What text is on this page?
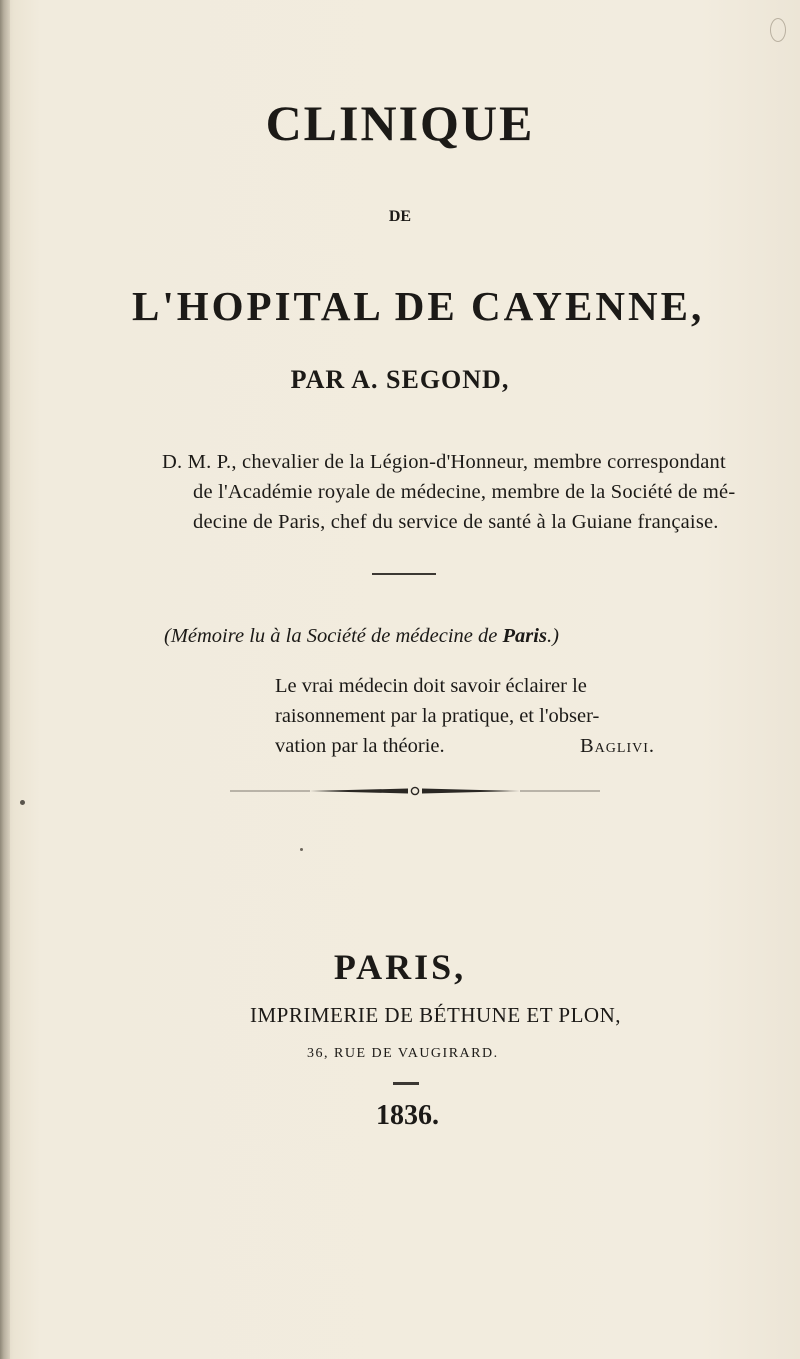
CLINIQUE

DE

L'HOPITAL DE CAYENNE,

PAR A. SEGOND,

D. M. P., chevalier de la Légion-d'Honneur, membre correspondant

de l'Académie royale de médecine, membre de la Société de mé-

decine de Paris, chef du service de santé à la Guiane française.

(Mémoire lu à la Société de médecine de Paris.)

Le vrai médecin doit savoir éclairer le

raisonnement par la pratique, et l'obser-

vation par la théorie.	Baglivi.

PARIS,

IMPRIMERIE DE BÉTHUNE ET PLON,

36, RUE DE VAUGIRARD.

1836.
